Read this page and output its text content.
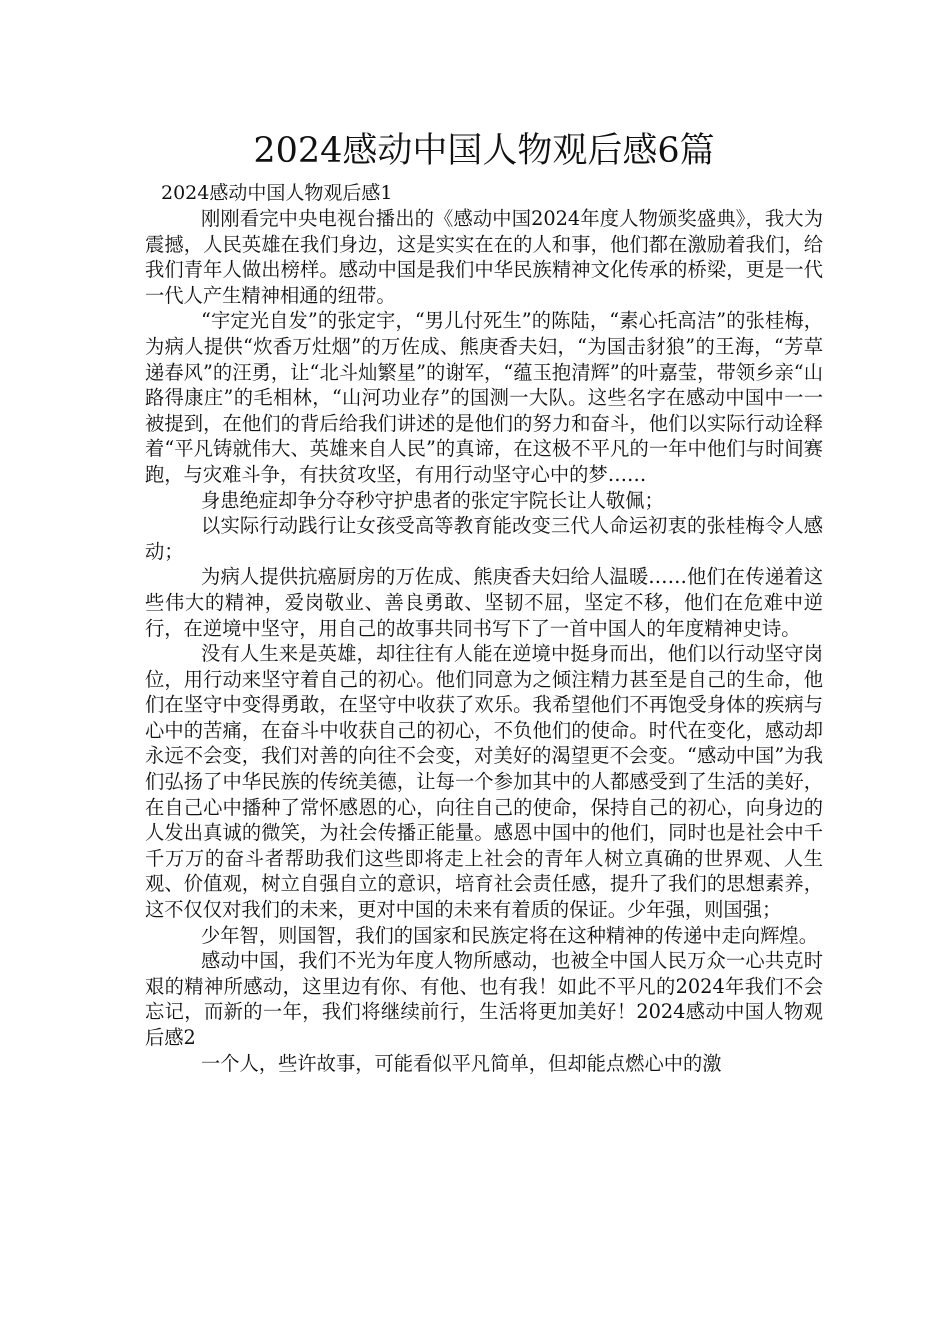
2024感动中国人物观后感6篇
2024感动中国人物观后感1

刚刚看完中央电视台播出的《感动中国2024年度人物颁奖盛典》，我大为震撼，人民英雄在我们身边，这是实实在在的人和事，他们都在激励着我们，给我们青年人做出榜样。感动中国是我们中华民族精神文化传承的桥梁，更是一代一代人产生精神相通的纽带。

“宇定光自发”的张定宇，“男儿付死生”的陈陆，“素心托高洁”的张桂梅，为病人提供“炊香万灶烟”的万佐成、熊庚香夫妇，“为国击豺狼”的王海，“芳草递春风”的汪勇，让“北斗灿繁星”的谢军，“蕴玉抱清辉”的叶嘉莹，带领乡亲“山路得康庄”的毛相林，“山河功业存”的国测一大队。这些名字在感动中国中一一被提到，在他们的背后给我们讲述的是他们的努力和奋斗，他们以实际行动诠释着“平凡铸就伟大、英雄来自人民”的真谛，在这极不平凡的一年中他们与时间赛跑，与灾难斗争，有扶贫攻坚，有用行动坚守心中的梦……

身患绝症却争分夺秒守护患者的张定宇院长让人敬佩；

以实际行动践行让女孩受高等教育能改变三代人命运初衷的张桂梅令人感动；

为病人提供抗癌厨房的万佐成、熊庚香夫妇给人温暖……他们在传递着这些伟大的精神，爱岗敬业、善良勇敢、坚韧不屈，坚定不移，他们在危难中逆行，在逆境中坚守，用自己的故事共同书写下了一首中国人的年度精神史诗。

没有人生来是英雄，却往往有人能在逆境中挺身而出，他们以行动坚守岗位，用行动来坚守着自己的初心。他们同意为之倾注精力甚至是自己的生命，他们在坚守中变得勇敢，在坚守中收获了欢乐。我希望他们不再饱受身体的疾病与心中的苦痛，在奋斗中收获自己的初心，不负他们的使命。时代在变化，感动却永远不会变，我们对善的向往不会变，对美好的渴望更不会变。“感动中国”为我们弘扬了中华民族的传统美德，让每一个参加其中的人都感受到了生活的美好，在自己心中播种了常怀感恩的心，向往自己的使命，保持自己的初心，向身边的人发出真诚的微笑，为社会传播正能量。感恩中国中的他们，同时也是社会中千千万万的奋斗者帮助我们这些即将走上社会的青年人树立真确的世界观、人生观、价值观，树立自强自立的意识，培育社会责任感，提升了我们的思想素养，这不仅仅对我们的未来，更对中国的未来有着质的保证。少年强，则国强；

少年智，则国智，我们的国家和民族定将在这种精神的传递中走向辉煌。

感动中国，我们不光为年度人物所感动，也被全中国人民万众一心共克时艰的精神所感动，这里边有你、有他、也有我！如此不平凡的2024年我们不会忘记，而新的一年，我们将继续前行，生活将更加美好！2024感动中国人物观后感2

一个人，些许故事，可能看似平凡简单，但却能点燃心中的激
